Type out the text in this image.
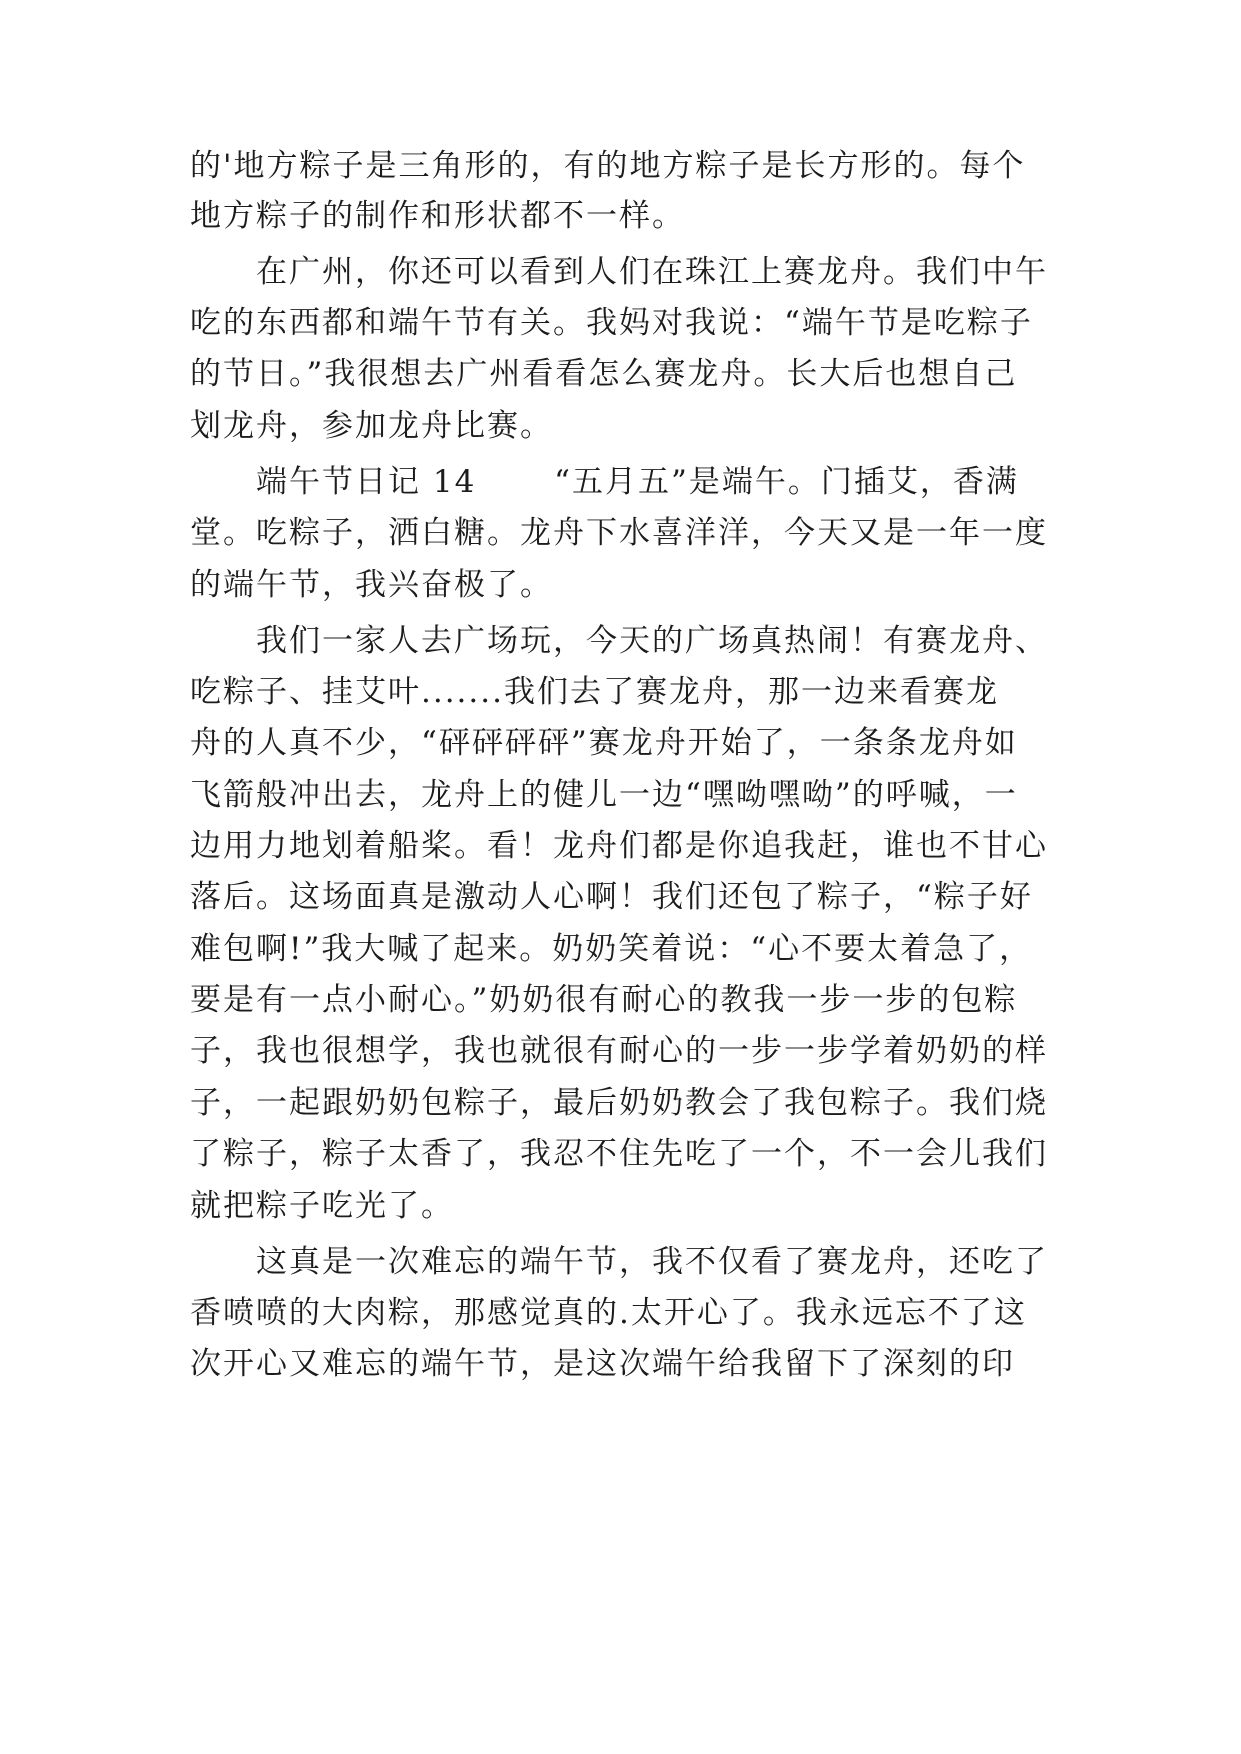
的'地方粽子是三角形的，有的地方粽子是长方形的。每个
地方粽子的制作和形状都不一样。
　　在广州，你还可以看到人们在珠江上赛龙舟。我们中午
吃的东西都和端午节有关。我妈对我说：“端午节是吃粽子
的节日。”我很想去广州看看怎么赛龙舟。长大后也想自己
划龙舟，参加龙舟比赛。
　　端午节日记 14　　 “五月五”是端午。门插艾，香满
堂。吃粽子，洒白糖。龙舟下水喜洋洋，今天又是一年一度
的端午节，我兴奋极了。
　　我们一家人去广场玩，今天的广场真热闹！有赛龙舟、
吃粽子、挂艾叶.......我们去了赛龙舟，那一边来看赛龙
舟的人真不少，“砰砰砰砰”赛龙舟开始了，一条条龙舟如
飞箭般冲出去，龙舟上的健儿一边“嘿呦嘿呦”的呼喊，一
边用力地划着船桨。看！龙舟们都是你追我赶，谁也不甘心
落后。这场面真是激动人心啊！我们还包了粽子，“粽子好
难包啊!”我大喊了起来。奶奶笑着说：“心不要太着急了，
要是有一点小耐心。”奶奶很有耐心的教我一步一步的包粽
子，我也很想学，我也就很有耐心的一步一步学着奶奶的样
子，一起跟奶奶包粽子，最后奶奶教会了我包粽子。我们烧
了粽子，粽子太香了，我忍不住先吃了一个，不一会儿我们
就把粽子吃光了。
　　这真是一次难忘的端午节，我不仅看了赛龙舟，还吃了
香喷喷的大肉粽，那感觉真的.太开心了。我永远忘不了这
次开心又难忘的端午节，是这次端午给我留下了深刻的印
